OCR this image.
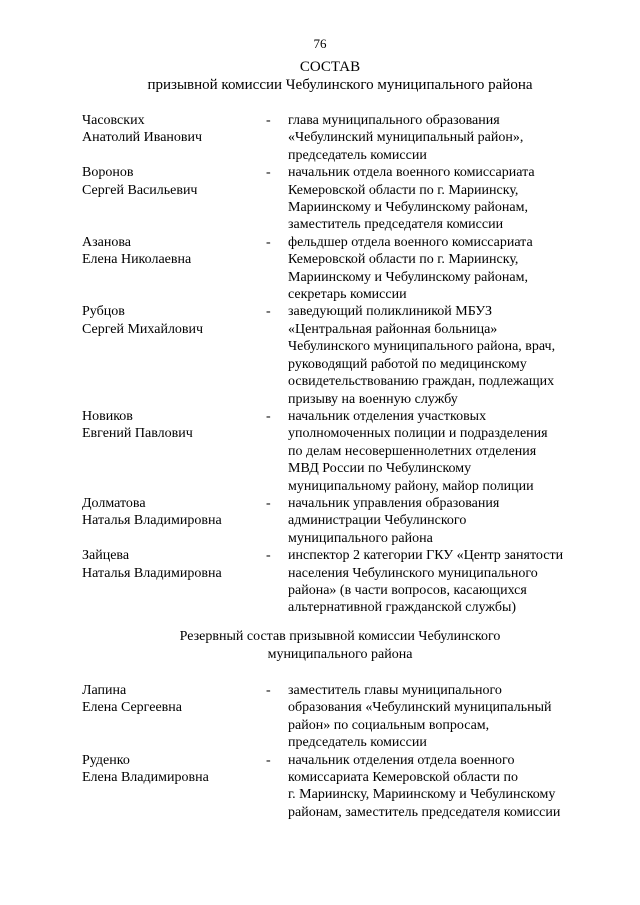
76
СОСТАВ
призывной комиссии Чебулинского муниципального района
Часовских
Анатолий Иванович
-	глава муниципального образования
«Чебулинский муниципальный район»,
председатель комиссии
Воронов
Сергей Васильевич
-	начальник отдела военного комиссариата
Кемеровской области по г. Мариинску,
Мариинскому и Чебулинскому районам,
заместитель председателя комиссии
Азанова
Елена Николаевна
-	фельдшер отдела военного комиссариата
Кемеровской области по г. Мариинску,
Мариинскому и Чебулинскому районам,
секретарь комиссии
Рубцов
Сергей Михайлович
-	заведующий поликлиникой МБУЗ
«Центральная районная больница»
Чебулинского муниципального района, врач,
руководящий работой по медицинскому
освидетельствованию граждан, подлежащих
призыву на военную службу
Новиков
Евгений Павлович
-	начальник отделения участковых
уполномоченных полиции и подразделения
по делам несовершеннолетних отделения
МВД России по Чебулинскому
муниципальному району, майор полиции
Долматова
Наталья Владимировна
-	начальник управления образования
администрации Чебулинского
муниципального района
Зайцева
Наталья Владимировна
-	инспектор 2 категории ГКУ «Центр занятости
населения Чебулинского муниципального
района» (в части вопросов, касающихся
альтернативной гражданской службы)
Резервный состав призывной комиссии Чебулинского
муниципального района
Лапина
Елена Сергеевна
-	заместитель главы муниципального
образования «Чебулинский муниципальный
район» по социальным вопросам,
председатель комиссии
Руденко
Елена Владимировна
-	начальник отделения отдела военного
комиссариата Кемеровской области по
г. Мариинску, Мариинскому и Чебулинскому
районам, заместитель председателя комиссии
